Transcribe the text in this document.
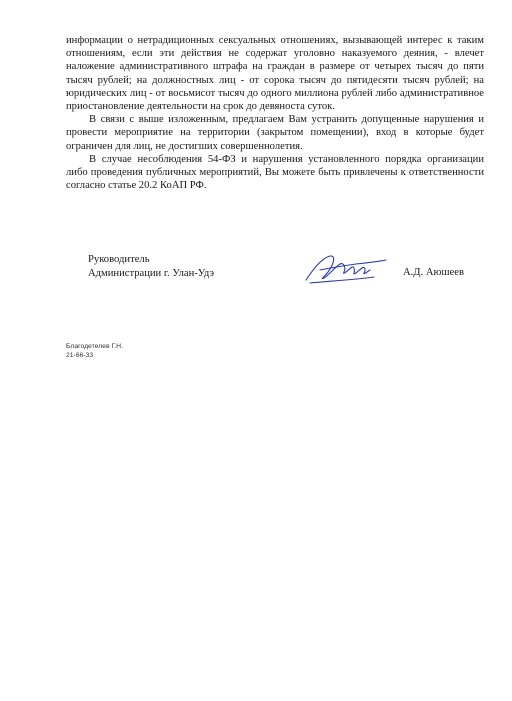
информации о нетрадиционных сексуальных отношениях, вызывающей интерес к таким отношениям, если эти действия не содержат уголовно наказуемого деяния, - влечет наложение административного штрафа на граждан в размере от четырех тысяч до пяти тысяч рублей; на должностных лиц - от сорока тысяч до пятидесяти тысяч рублей; на юридических лиц - от восьмисот тысяч до одного миллиона рублей либо административное приостановление деятельности на срок до девяноста суток.

В связи с выше изложенным, предлагаем Вам устранить допущенные нарушения и провести мероприятие на территории (закрытом помещении), вход в которые будет ограничен для лиц, не достигших совершеннолетия.

В случае несоблюдения 54-ФЗ и нарушения установленного порядка организации либо проведения публичных мероприятий, Вы можете быть привлечены к ответственности согласно статье 20.2 КоАП РФ.

Руководитель
Администрации г. Улан-Удэ	А.Д. Аюшеев
Благодетелев Г.Н.
21-66-33
